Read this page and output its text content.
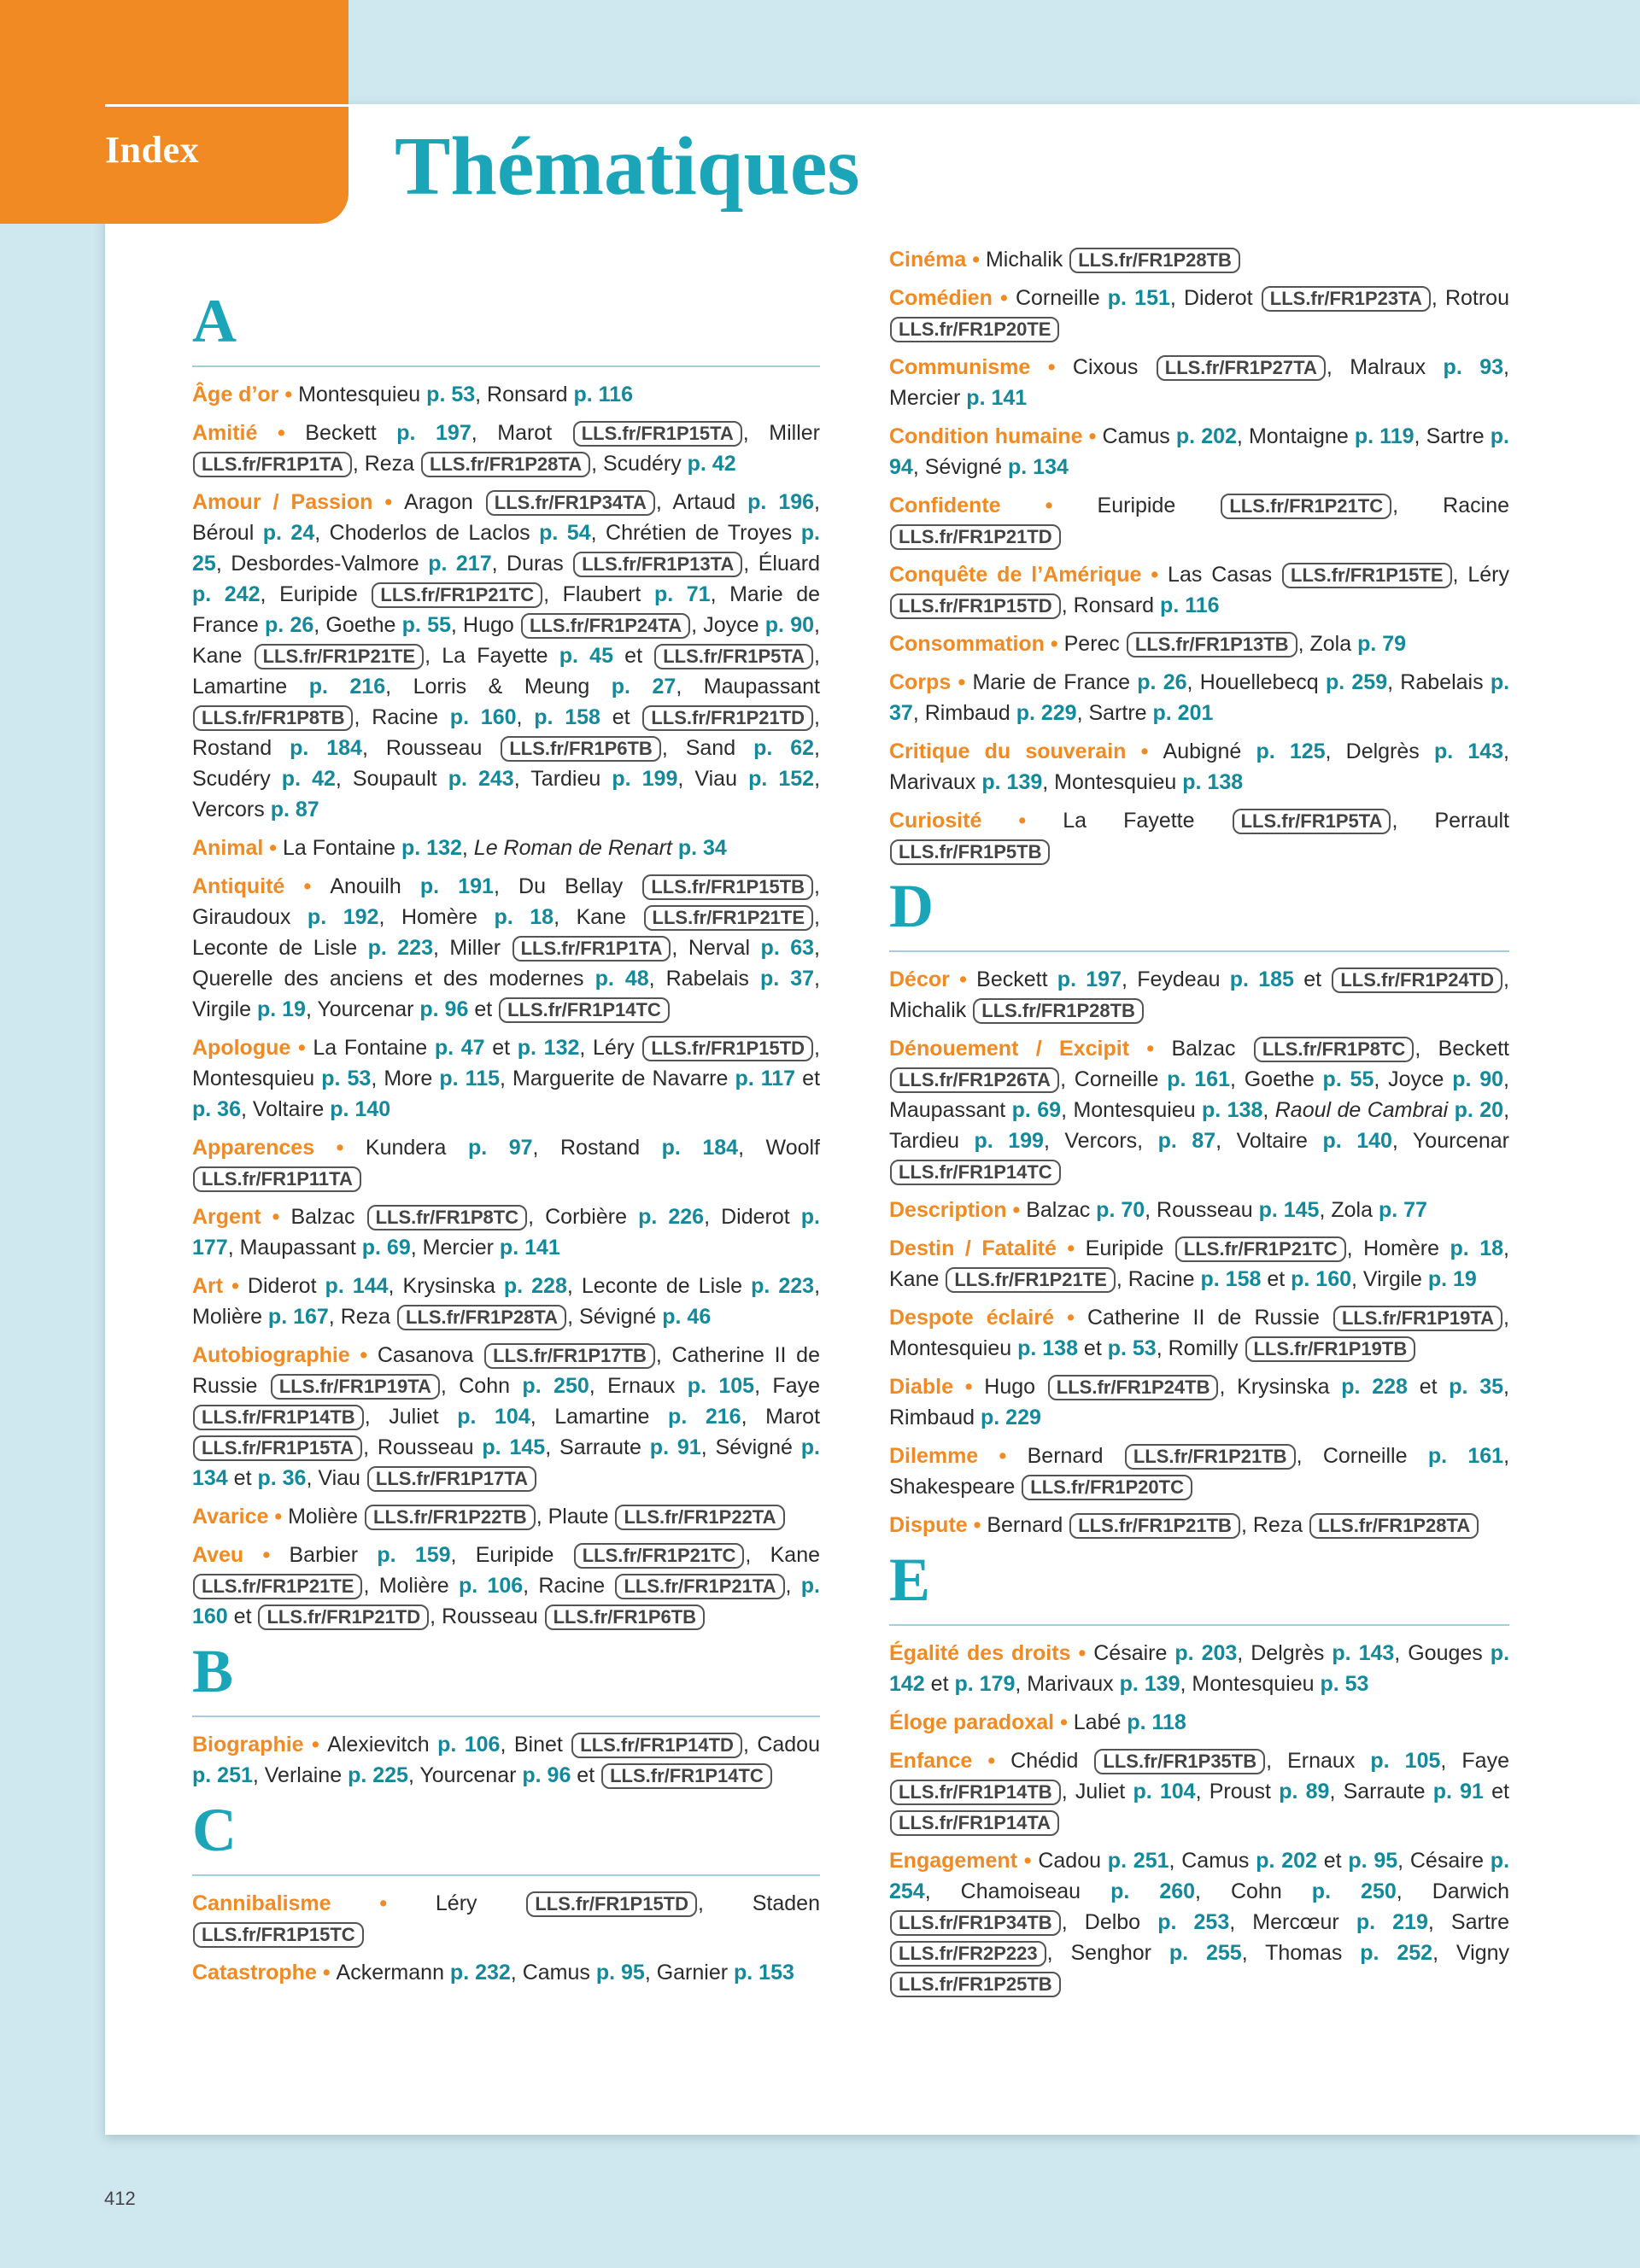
Index Thématiques
A

Âge d’or • Montesquieu p. 53, Ronsard p. 116

Amitié • Beckett p. 197, Marot LLS.fr/FR1P15TA , Miller LLS.fr/FR1P1TA , Reza LLS.fr/FR1P28TA , Scudéry p. 42

Amour / Passion • Aragon LLS.fr/FR1P34TA , Artaud p. 196, Béroul p. 24, Choderlos de Laclos p. 54, Chrétien de Troyes p. 25, Desbordes-Valmore p. 217, Duras LLS.fr/FR1P13TA , Éluard p. 242, Euripide LLS.fr/FR1P21TC , Flaubert p. 71, Marie de France p. 26, Goethe p. 55, Hugo LLS.fr/FR1P24TA , Joyce p. 90, Kane LLS.fr/FR1P21TE , La Fayette p. 45 et LLS.fr/FR1P5TA , Lamartine p. 216, Lorris & Meung p. 27, Maupassant LLS.fr/FR1P8TB , Racine p. 160, p. 158 et LLS.fr/FR1P21TD , Rostand p. 184, Rousseau LLS.fr/FR1P6TB , Sand p. 62, Scudéry p. 42, Soupault p. 243, Tardieu p. 199, Viau p. 152, Vercors p. 87

Animal • La Fontaine p. 132, Le Roman de Renart p. 34

Antiquité • Anouilh p. 191, Du Bellay LLS.fr/FR1P15TB , Giraudoux p. 192, Homère p. 18, Kane LLS.fr/FR1P21TE , Leconte de Lisle p. 223, Miller LLS.fr/FR1P1TA , Nerval p. 63, Querelle des anciens et des modernes p. 48, Rabelais p. 37, Virgile p. 19, Yourcenar p. 96 et LLS.fr/FR1P14TC

Apologue • La Fontaine p. 47 et p. 132, Léry LLS.fr/FR1P15TD , Montesquieu p. 53, More p. 115, Marguerite de Navarre p. 117 et p. 36, Voltaire p. 140

Apparences • Kundera p. 97, Rostand p. 184, Woolf LLS.fr/FR1P11TA

Argent • Balzac LLS.fr/FR1P8TC , Corbière p. 226, Diderot p. 177, Maupassant p. 69, Mercier p. 141

Art • Diderot p. 144, Krysinska p. 228, Leconte de Lisle p. 223, Molière p. 167, Reza LLS.fr/FR1P28TA , Sévigné p. 46

Autobiographie • Casanova LLS.fr/FR1P17TB , Catherine II de Russie LLS.fr/FR1P19TA , Cohn p. 250, Ernaux p. 105, Faye LLS.fr/FR1P14TB , Juliet p. 104, Lamartine p. 216, Marot LLS.fr/FR1P15TA , Rousseau p. 145, Sarraute p. 91, Sévigné p. 134 et p. 36, Viau LLS.fr/FR1P17TA

Avarice • Molière LLS.fr/FR1P22TB , Plaute LLS.fr/FR1P22TA

Aveu • Barbier p. 159, Euripide LLS.fr/FR1P21TC , Kane LLS.fr/FR1P21TE , Molière p. 106, Racine LLS.fr/FR1P21TA , p. 160 et LLS.fr/FR1P21TD , Rousseau LLS.fr/FR1P6TB

B

Biographie • Alexievitch p. 106, Binet LLS.fr/FR1P14TD , Cadou p. 251, Verlaine p. 225, Yourcenar p. 96 et LLS.fr/FR1P14TC

C

Cannibalisme • Léry LLS.fr/FR1P15TD , Staden LLS.fr/FR1P15TC

Catastrophe • Ackermann p. 232, Camus p. 95, Garnier p. 153

Cinéma • Michalik LLS.fr/FR1P28TB

Comédien • Corneille p. 151, Diderot LLS.fr/FR1P23TA , Rotrou LLS.fr/FR1P20TE

Communisme • Cixous LLS.fr/FR1P27TA , Malraux p. 93, Mercier p. 141

Condition humaine • Camus p. 202, Montaigne p. 119, Sartre p. 94, Sévigné p. 134

Confidente • Euripide LLS.fr/FR1P21TC , Racine LLS.fr/FR1P21TD

Conquête de l’Amérique • Las Casas LLS.fr/FR1P15TE , Léry LLS.fr/FR1P15TD , Ronsard p. 116

Consommation • Perec LLS.fr/FR1P13TB , Zola p. 79

Corps • Marie de France p. 26, Houellebecq p. 259, Rabelais p. 37, Rimbaud p. 229, Sartre p. 201

Critique du souverain • Aubigné p. 125, Delgrès p. 143, Marivaux p. 139, Montesquieu p. 138

Curiosité • La Fayette LLS.fr/FR1P5TA , Perrault LLS.fr/FR1P5TB

D

Décor • Beckett p. 197, Feydeau p. 185 et LLS.fr/FR1P24TD , Michalik LLS.fr/FR1P28TB

Dénouement / Excipit • Balzac LLS.fr/FR1P8TC , Beckett LLS.fr/FR1P26TA , Corneille p. 161, Goethe p. 55, Joyce p. 90, Maupassant p. 69, Montesquieu p. 138, Raoul de Cambrai p. 20, Tardieu p. 199, Vercors, p. 87, Voltaire p. 140, Yourcenar LLS.fr/FR1P14TC

Description • Balzac p. 70, Rousseau p. 145, Zola p. 77

Destin / Fatalité • Euripide LLS.fr/FR1P21TC , Homère p. 18, Kane LLS.fr/FR1P21TE , Racine p. 158 et p. 160, Virgile p. 19

Despote éclairé • Catherine II de Russie LLS.fr/FR1P19TA , Montesquieu p. 138 et p. 53, Romilly LLS.fr/FR1P19TB

Diable • Hugo LLS.fr/FR1P24TB , Krysinska p. 228 et p. 35, Rimbaud p. 229

Dilemme • Bernard LLS.fr/FR1P21TB , Corneille p. 161, Shakespeare LLS.fr/FR1P20TC

Dispute • Bernard LLS.fr/FR1P21TB , Reza LLS.fr/FR1P28TA

E

Égalité des droits • Césaire p. 203, Delgrès p. 143, Gouges p. 142 et p. 179, Marivaux p. 139, Montesquieu p. 53

Éloge paradoxal • Labé p. 118

Enfance • Chédid LLS.fr/FR1P35TB , Ernaux p. 105, Faye LLS.fr/FR1P14TB , Juliet p. 104, Proust p. 89, Sarraute p. 91 et LLS.fr/FR1P14TA

Engagement • Cadou p. 251, Camus p. 202 et p. 95, Césaire p. 254, Chamoiseau p. 260, Cohn p. 250, Darwich LLS.fr/FR1P34TB , Delbo p. 253, Mercœur p. 219, Sartre LLS.fr/FR2P223 , Senghor p. 255, Thomas p. 252, Vigny LLS.fr/FR1P25TB

412
